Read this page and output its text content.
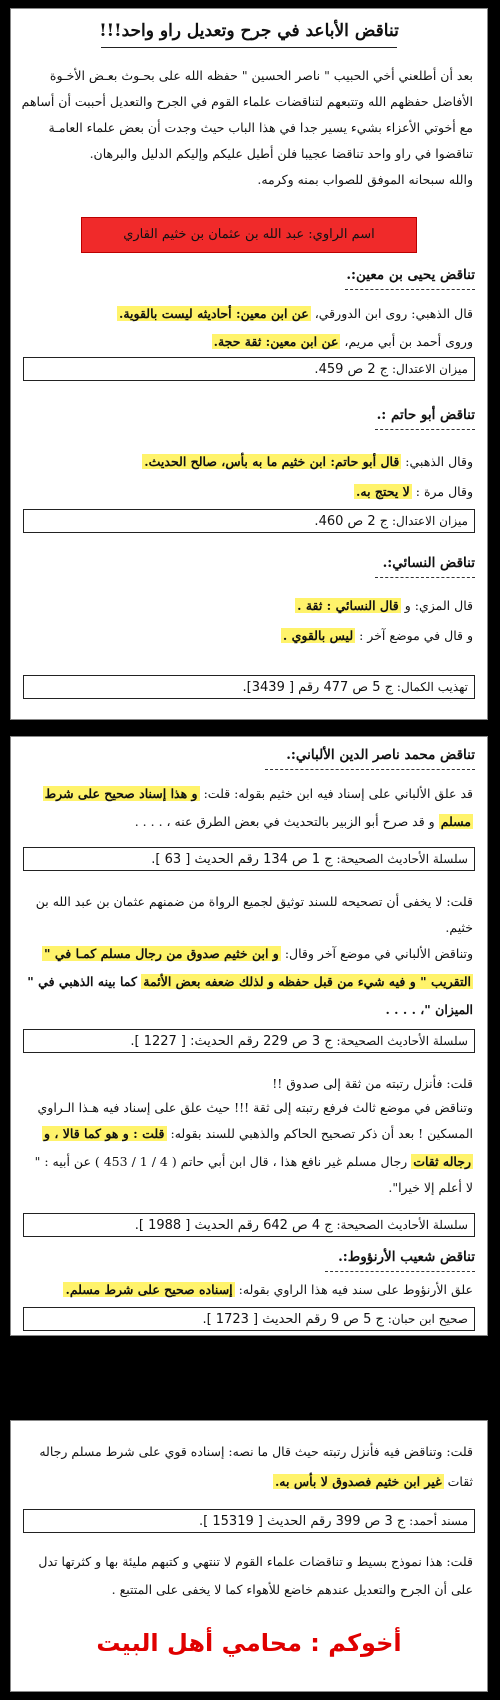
تناقض الأباعد في جرح وتعديل راو واحد!!!
بعد أن أطلعني أخي الحبيب " ناصر الحسين " حفظه الله على بحـوث بعـض الأخـوة
الأفاضل حفظهم الله وتتبعهم لتناقضات علماء القوم في الجرح والتعديل أحببت أن أساهم
مع أخوتي الأعزاء بشيء يسير جدا في هذا الباب حيث وجدت أن بعض علماء العامـة
تناقضوا في راو واحد تناقضا عجيبا فلن أطيل عليكم وإليكم الدليل والبرهان.
والله سبحانه الموفق للصواب بمنه وكرمه.
اسم الراوي: عبد الله بن عثمان بن خثيم القاري
تناقض يحيى بن معين:.
قال الذهبي: روى ابن الدورقي، عن ابن معين: أحاديثه ليست بالقوية.
وروى أحمد بن أبي مريم، عن ابن معين: ثقة حجة.
ميزان الاعتدال: ج 2 ص 459.
تناقض أبو حاتم :.
وقال الذهبي: قال أبو حاتم: ابن خثيم ما به بأس، صالح الحديث.
وقال مرة : لا يحتج به.
ميزان الاعتدال: ج 2 ص 460.
تناقض النسائي:.
قال المزي: و قال النسائي : ثقة .
و قال في موضع آخر : ليس بالقوي .
تهذيب الكمال: ج 5 ص 477 رقم [ 3439].
تناقض محمد ناصر الدين الألباني:.
قد علق الألباني على إسناد فيه ابن خثيم بقوله: قلت: و هذا إسناد صحيح على شرط
مسلم و قد صرح أبو الزبير بالتحديث في بعض الطرق عنه ، . . . .
سلسلة الأحاديث الصحيحة: ج 1 ص 134 رقم الحديث [ 63 ].
قلت: لا يخفى أن تصحيحه للسند توثيق لجميع الرواة من ضمنهم عثمان بن عبد الله بن
خثيم.
وتناقض الألباني في موضع آخر وقال: و ابن خثيم صدوق من رجال مسلم كمـا في "
التقريب " و فيه شيء من قبل حفظه و لذلك ضعفه بعض الأئمة كما بينه الذهبي في "
الميزان "، . . . .
سلسلة الأحاديث الصحيحة: ج 3 ص 229 رقم الحديث: [ 1227 ].
قلت: فأنزل رتبته من ثقة إلى صدوق !!
وتناقض في موضع ثالث فرفع رتبته إلى ثقة !!! حيث علق على إسناد فيه هـذا الـراوي
المسكين ! بعد أن ذكر تصحيح الحاكم والذهبي للسند بقوله: قلت : و هو كما قالا ، و
رجاله ثقات رجال مسلم غير نافع هذا ، قال ابن أبي حاتم ( 4 / 1 / 453 ) عن أبيه : "
لا أعلم إلا خيرا".
سلسلة الأحاديث الصحيحة: ج 4 ص 642 رقم الحديث [ 1988 ].
تناقض شعيب الأرنؤوط:.
علق الأرنؤوط على سند فيه هذا الراوي بقوله: إسناده صحيح على شرط مسلم.
صحيح ابن حبان: ج 5 ص 9 رقم الحديث [ 1723 ].
قلت: وتناقض فيه فأنزل رتبته حيث قال ما نصه: إسناده قوي على شرط مسلم رجاله
ثقات غير ابن خثيم فصدوق لا بأس به.
مسند أحمد: ج 3 ص 399 رقم الحديث [ 15319 ].
قلت: هذا نموذج بسيط و تناقضات علماء القوم لا تنتهي و كتبهم مليئة بها و كثرتها تدل
على أن الجرح والتعديل عندهم خاضع للأهواء كما لا يخفى على المتتبع .
أخوكم : محامي أهل البيت
